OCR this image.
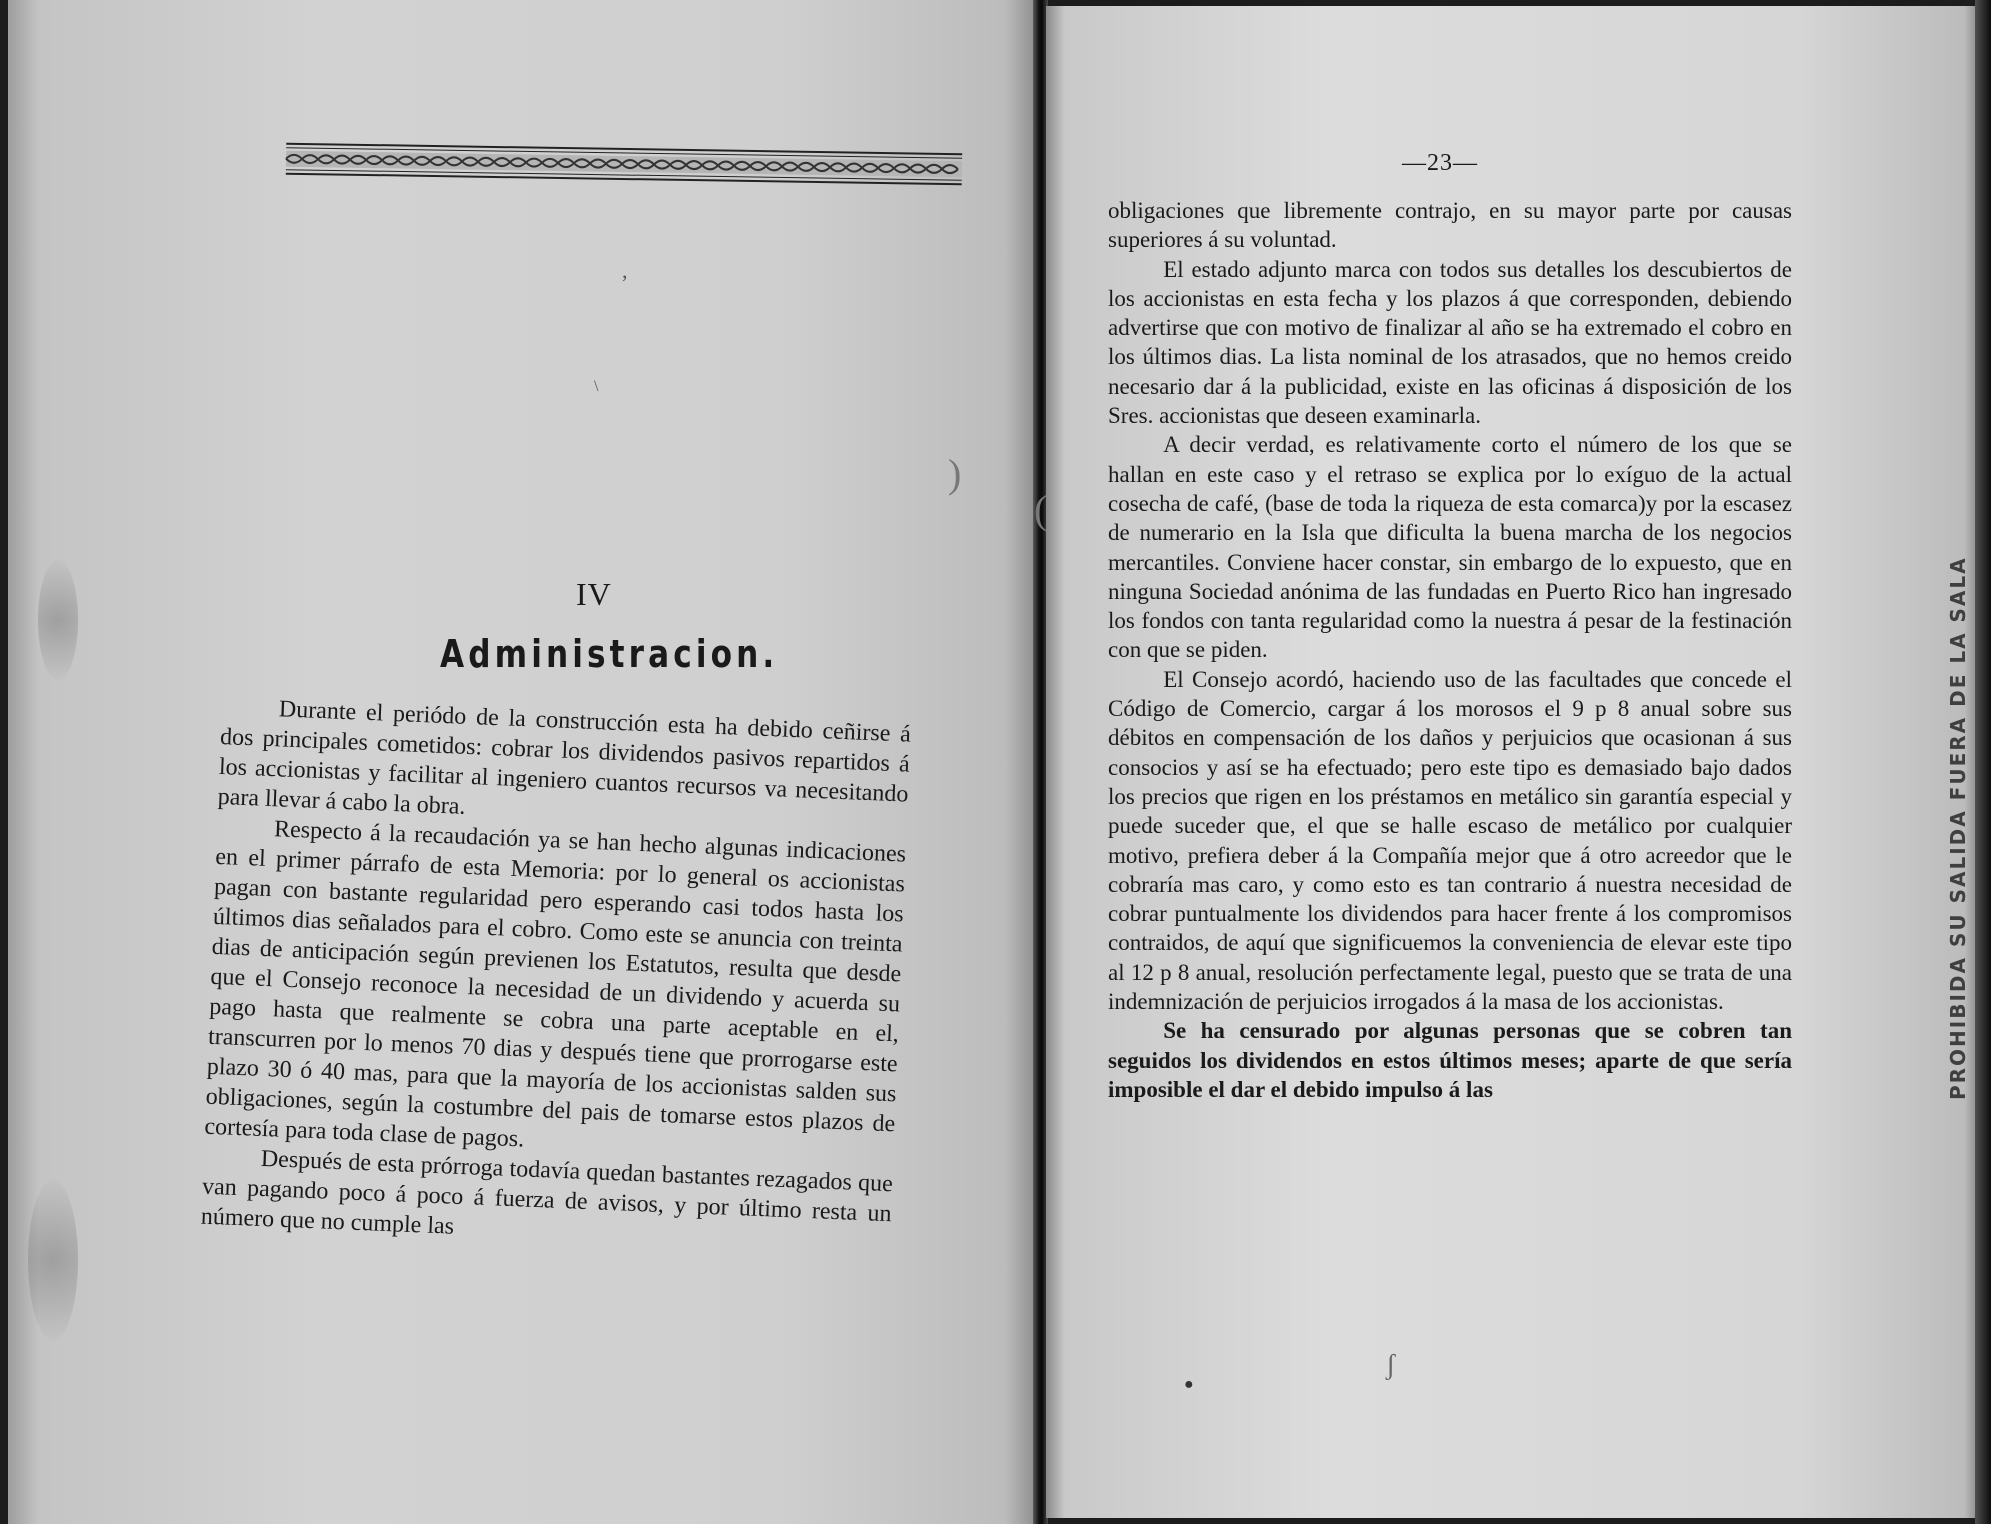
,
\
)
IV
Administracion.

Durante el periódo de la construcción esta ha debido ceñirse á dos principales cometidos: cobrar los dividendos pasivos repartidos á los accionistas y facilitar al ingeniero cuantos recursos va necesitando para llevar á cabo la obra.

Respecto á la recaudación ya se han hecho algunas indicaciones en el primer párrafo de esta Memoria: por lo general os accionistas pagan con bastante regularidad pero esperando casi todos hasta los últimos dias señalados para el cobro. Como este se anuncia con treinta dias de anticipación según previenen los Estatutos, resulta que desde que el Consejo reconoce la necesidad de un dividendo y acuerda su pago hasta que realmente se cobra una parte aceptable en el, transcurren por lo menos 70 dias y después tiene que prorrogarse este plazo 30 ó 40 mas, para que la mayoría de los accionistas salden sus obligaciones, según la costumbre del pais de tomarse estos plazos de cortesía para toda clase de pagos.

Después de esta prórroga todavía quedan bastantes rezagados que van pagando poco á poco á fuerza de avisos, y por último resta un número que no cumple las

—23—

obligaciones que libremente contrajo, en su mayor parte por causas superiores á su voluntad.

El estado adjunto marca con todos sus detalles los descubiertos de los accionistas en esta fecha y los plazos á que corresponden, debiendo advertirse que con motivo de finalizar al año se ha extremado el cobro en los últimos dias. La lista nominal de los atrasados, que no hemos creido necesario dar á la publicidad, existe en las oficinas á disposición de los Sres. accionistas que deseen examinarla.

A decir verdad, es relativamente corto el número de los que se hallan en este caso y el retraso se explica por lo exíguo de la actual cosecha de café, (base de toda la riqueza de esta comarca)y por la escasez de numerario en la Isla que dificulta la buena marcha de los negocios mercantiles. Conviene hacer constar, sin embargo de lo expuesto, que en ninguna Sociedad anónima de las fundadas en Puerto Rico han ingresado los fondos con tanta regularidad como la nuestra á pesar de la festinación con que se piden.

El Consejo acordó, haciendo uso de las facultades que concede el Código de Comercio, cargar á los morosos el 9 p 8 anual sobre sus débitos en compensación de los daños y perjuicios que ocasionan á sus consocios y así se ha efectuado; pero este tipo es demasiado bajo dados los precios que rigen en los préstamos en metálico sin garantía especial y puede suceder que, el que se halle escaso de metálico por cualquier motivo, prefiera deber á la Compañía mejor que á otro acreedor que le cobraría mas caro, y como esto es tan contrario á nuestra necesidad de cobrar puntualmente los dividendos para hacer frente á los compromisos contraidos, de aquí que significuemos la conveniencia de elevar este tipo al 12 p 8 anual, resolución perfectamente legal, puesto que se trata de una indemnización de perjuicios irrogados á la masa de los accionistas.

Se ha censurado por algunas personas que se cobren tan seguidos los dividendos en estos últimos meses; aparte de que sería imposible el dar el debido impulso á las

(
●
ʃ
PROHIBIDA SU SALIDA FUERA DE LA SALA
